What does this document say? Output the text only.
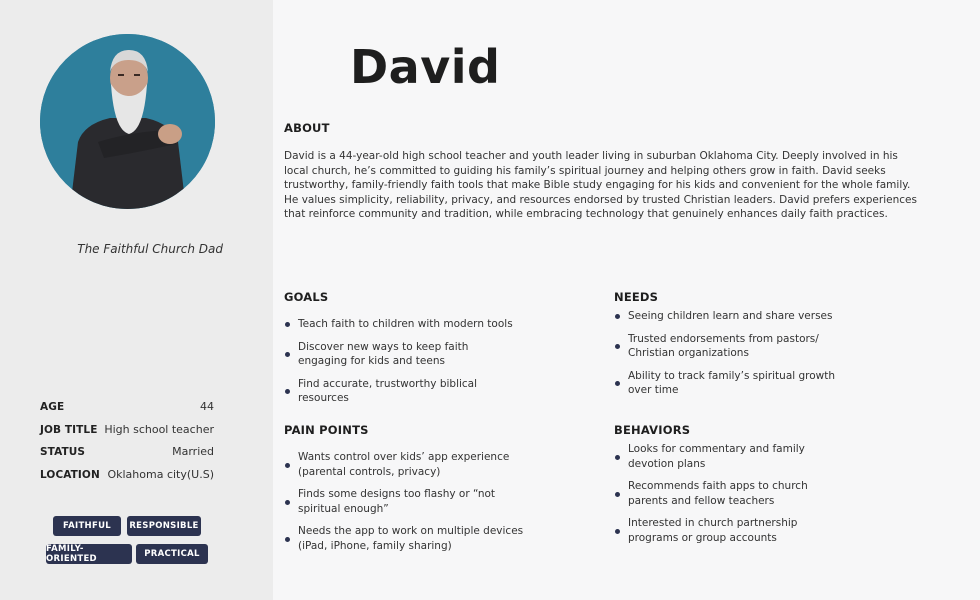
The Faithful Church Dad
AGE	44
JOB TITLE High school teacher
STATUS	Married
LOCATION Oklahoma city(U.S)
FAITHFUL	RESPONSIBLE
FAMILY-ORIENTED	PRACTICAL
David
ABOUT

David is a 44-year-old high school teacher and youth leader living in suburban Oklahoma City. Deeply involved in his local church, he’s committed to guiding his family’s spiritual journey and helping others grow in faith. David seeks trustworthy, family-friendly faith tools that make Bible study engaging for his kids and convenient for the whole family. He values simplicity, reliability, privacy, and resources endorsed by trusted Christian leaders. David prefers experiences that reinforce community and tradition, while embracing technology that genuinely enhances daily faith practices.

GOALS
Teach faith to children with modern tools
Discover new ways to keep faith engaging for kids and teens
Find accurate, trustworthy biblical resources
NEEDS
Seeing children learn and share verses
Trusted endorsements from pastors/ Christian organizations
Ability to track family’s spiritual growth over time
PAIN POINTS
Wants control over kids’ app experience (parental controls, privacy)
Finds some designs too flashy or “not spiritual enough”
Needs the app to work on multiple devices (iPad, iPhone, family sharing)
BEHAVIORS
Looks for commentary and family devotion plans
Recommends faith apps to church parents and fellow teachers
Interested in church partnership programs or group accounts
